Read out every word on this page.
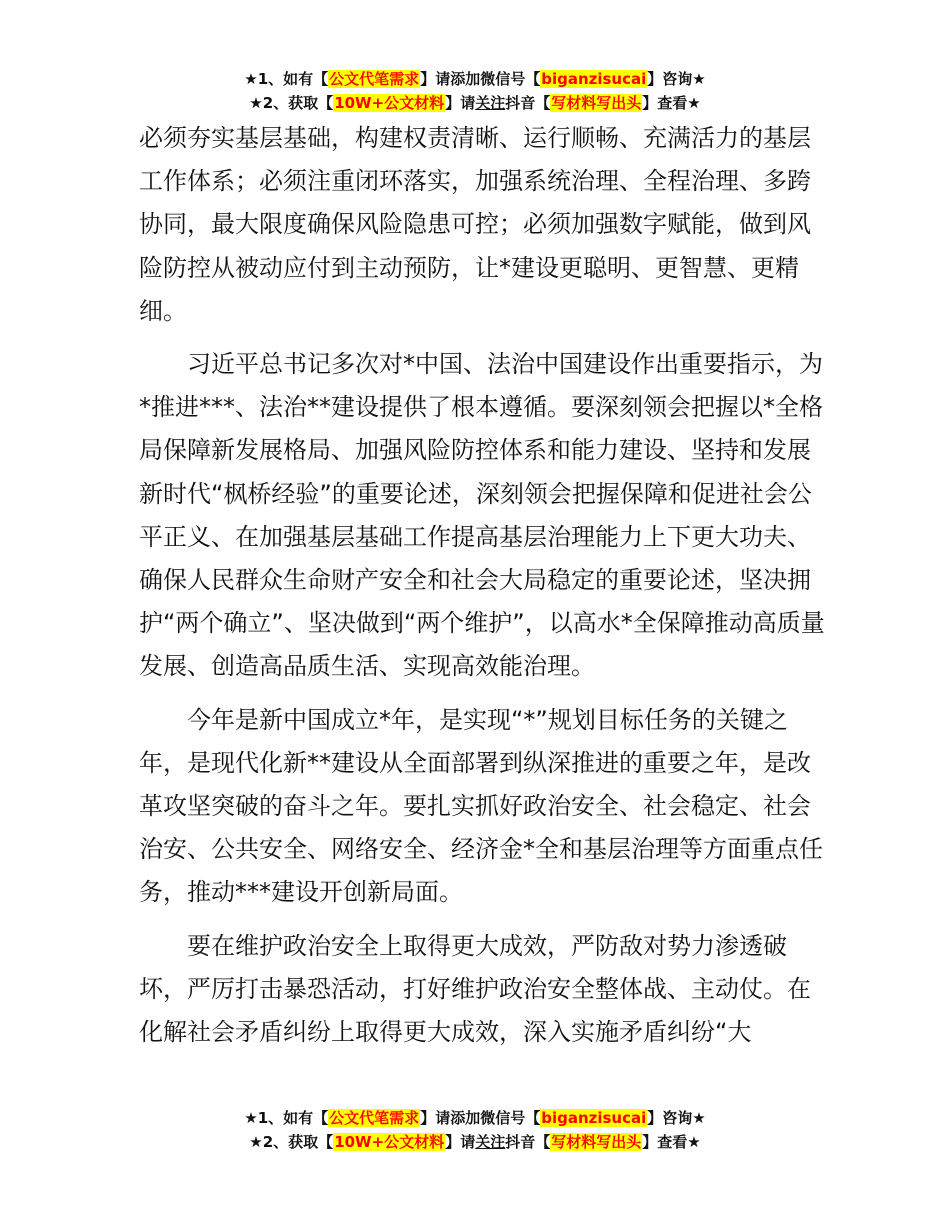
★1、如有【公文代笔需求】请添加微信号【biganzisucai】咨询★
★2、获取【10W+公文材料】请关注抖音【写材料写出头】查看★

必须夯实基层基础，构建权责清晰、运行顺畅、充满活力的基层工作体系；必须注重闭环落实，加强系统治理、全程治理、多跨协同，最大限度确保风险隐患可控；必须加强数字赋能，做到风险防控从被动应付到主动预防，让*建设更聪明、更智慧、更精细。

习近平总书记多次对*中国、法治中国建设作出重要指示，为*推进***、法治**建设提供了根本遵循。要深刻领会把握以*全格局保障新发展格局、加强风险防控体系和能力建设、坚持和发展新时代“枫桥经验”的重要论述，深刻领会把握保障和促进社会公平正义、在加强基层基础工作提高基层治理能力上下更大功夫、确保人民群众生命财产安全和社会大局稳定的重要论述，坚决拥护“两个确立”、坚决做到“两个维护”，以高水*全保障推动高质量发展、创造高品质生活、实现高效能治理。

今年是新中国成立*年，是实现“*”规划目标任务的关键之年，是现代化新**建设从全面部署到纵深推进的重要之年，是改革攻坚突破的奋斗之年。要扎实抓好政治安全、社会稳定、社会治安、公共安全、网络安全、经济金*全和基层治理等方面重点任务，推动***建设开创新局面。

要在维护政治安全上取得更大成效，严防敌对势力渗透破坏，严厉打击暴恐活动，打好维护政治安全整体战、主动仗。在化解社会矛盾纠纷上取得更大成效，深入实施矛盾纠纷“大

★1、如有【公文代笔需求】请添加微信号【biganzisucai】咨询★
★2、获取【10W+公文材料】请关注抖音【写材料写出头】查看★
